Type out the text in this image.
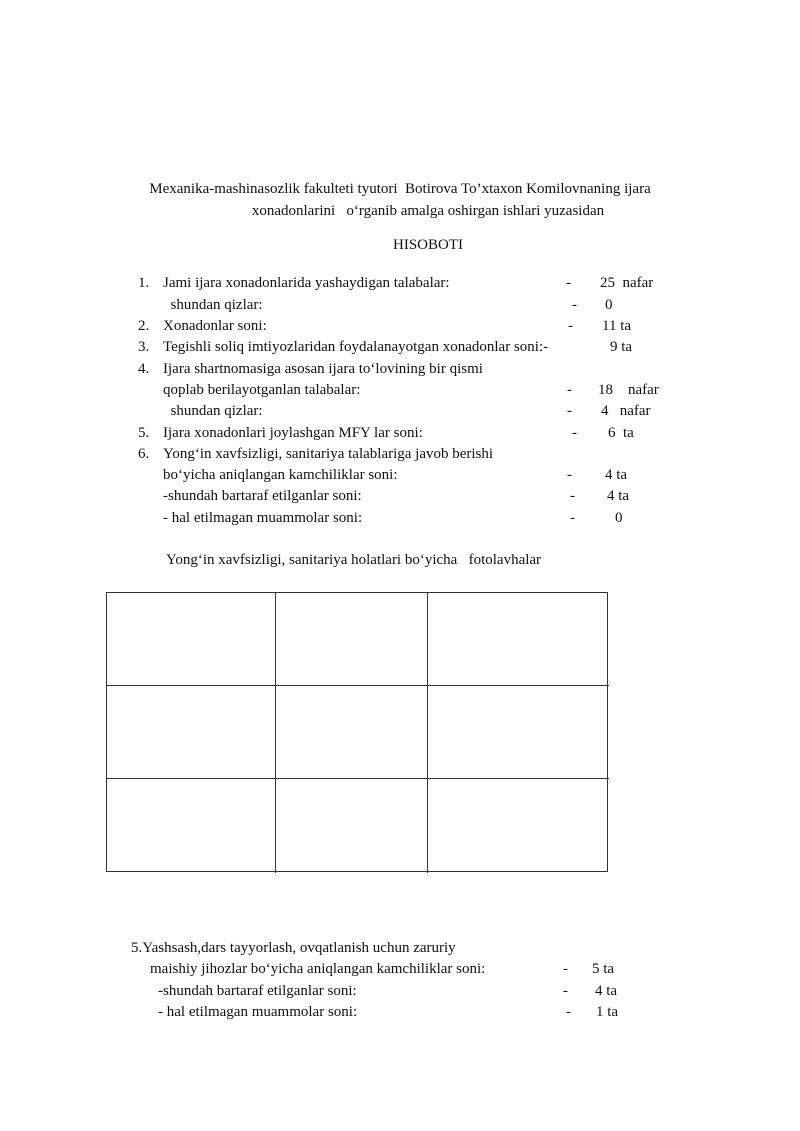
Mexanika-mashinasozlik fakulteti tyutori  Botirova To’xtaxon Komilovnaning ijara
xonadonlarini   o‘rganib amalga oshirgan ishlari yuzasidan
HISOBOTI
1. Jami ijara xonadonlarida yashaydigan talabalar:	- 25  nafar
shundan qizlar:	- 0
2. Xonadonlar soni:	- 11 ta
3. Tegishli soliq imtiyozlaridan foydalanayotgan xonadonlar soni:-	9 ta
4. Ijara shartnomasiga asosan ijara to‘lovining bir qismi
qoplab berilayotganlan talabalar:	- 18    nafar
shundan qizlar:	- 4   nafar
5. Ijara xonadonlari joylashgan MFY lar soni:	- 6  ta
6. Yong‘in xavfsizligi, sanitariya talablariga javob berishi
bo‘yicha aniqlangan kamchiliklar soni:	- 4 ta
-shundah bartaraf etilganlar soni:	- 4 ta
- hal etilmagan muammolar soni:	-	0
Yong‘in xavfsizligi, sanitariya holatlari bo‘yicha   fotolavhalar
5.Yashsash,dars tayyorlash, ovqatlanish uchun zaruriy
maishiy jihozlar bo‘yicha aniqlangan kamchiliklar soni:	- 5 ta
-shundah bartaraf etilganlar soni:	- 4 ta
- hal etilmagan muammolar soni:	- 1 ta
